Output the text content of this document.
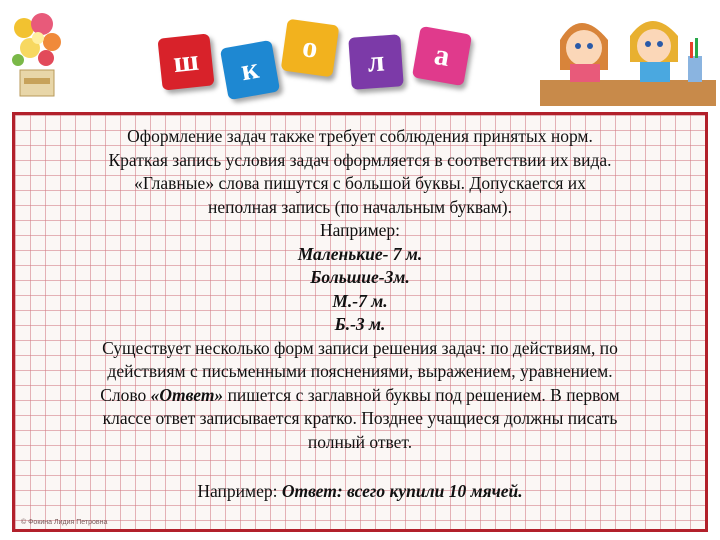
ш к
о л а
Оформление задач также требует соблюдения принятых норм.
Краткая запись условия задач оформляется в соответствии их вида.
«Главные» слова пишутся с большой буквы. Допускается их
неполная запись (по начальным буквам).
Например:
Маленькие- 7 м.
Большие-3м.
М.-7 м.
Б.-3 м.
Существует несколько форм записи решения задач: по действиям, по
действиям с письменными пояснениями, выражением, уравнением.
Слово «Ответ» пишется с заглавной буквы под решением. В первом
классе ответ записывается кратко. Позднее учащиеся должны писать
полный ответ.
Например: Ответ: всего купили 10 мячей.
© Фокина Лидия Петровна
